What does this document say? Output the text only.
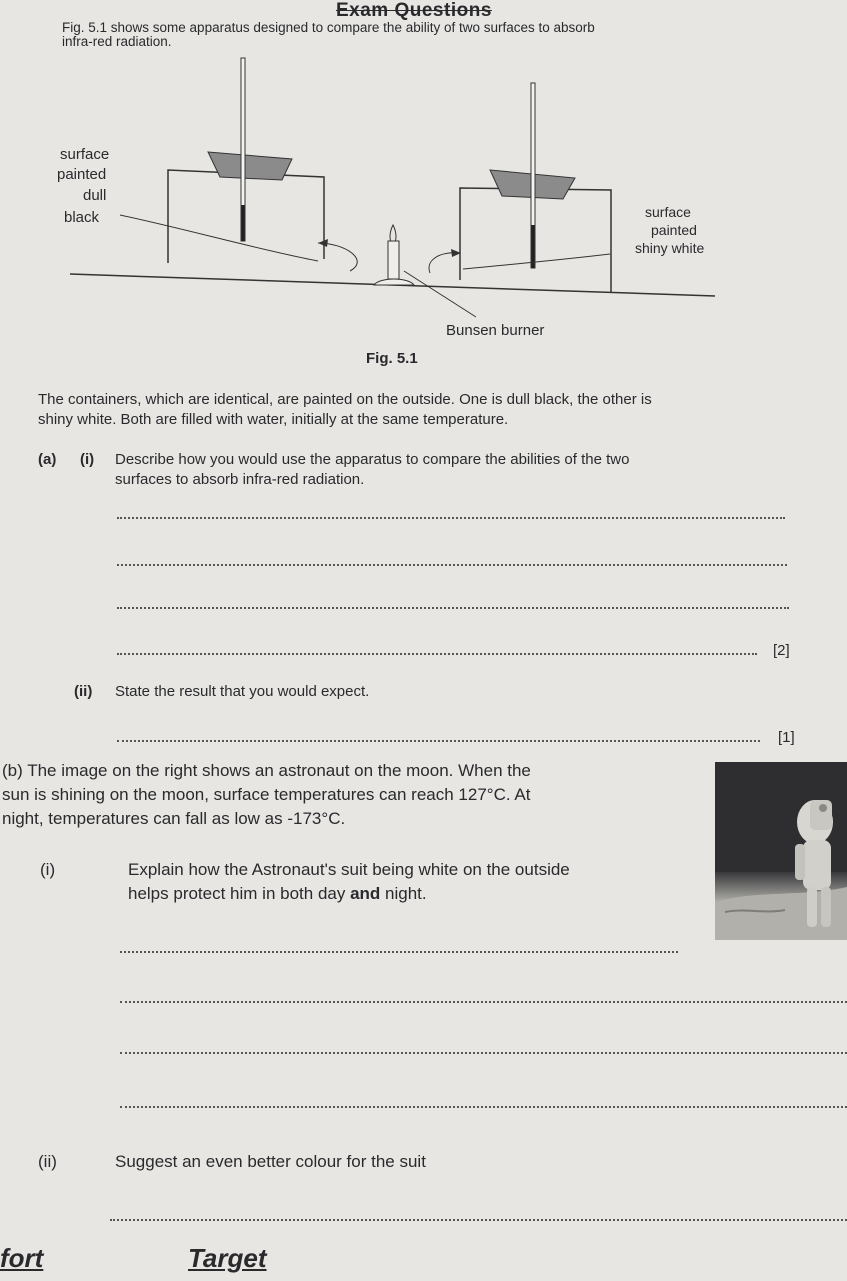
Exam Questions
Fig. 5.1 shows some apparatus designed to compare the ability of two surfaces to absorb
infra-red radiation.
surface
painted
dull
black	surface
painted
shiny white
Bunsen burner
Fig. 5.1
The containers, which are identical, are painted on the outside. One is dull black, the other is
shiny white. Both are filled with water, initially at the same temperature.
(a) (i) Describe how you would use the apparatus to compare the abilities of the two
surfaces to absorb infra-red radiation.
[2]
(ii) State the result that you would expect.
[1]
(b) The image on the right shows an astronaut on the moon. When the
sun is shining on the moon, surface temperatures can reach 127°C. At
night, temperatures can fall as low as -173°C.
(i)	Explain how the Astronaut's suit being white on the outside
helps protect him in both day and night.
(ii)	Suggest an even better colour for the suit
fort	Target
